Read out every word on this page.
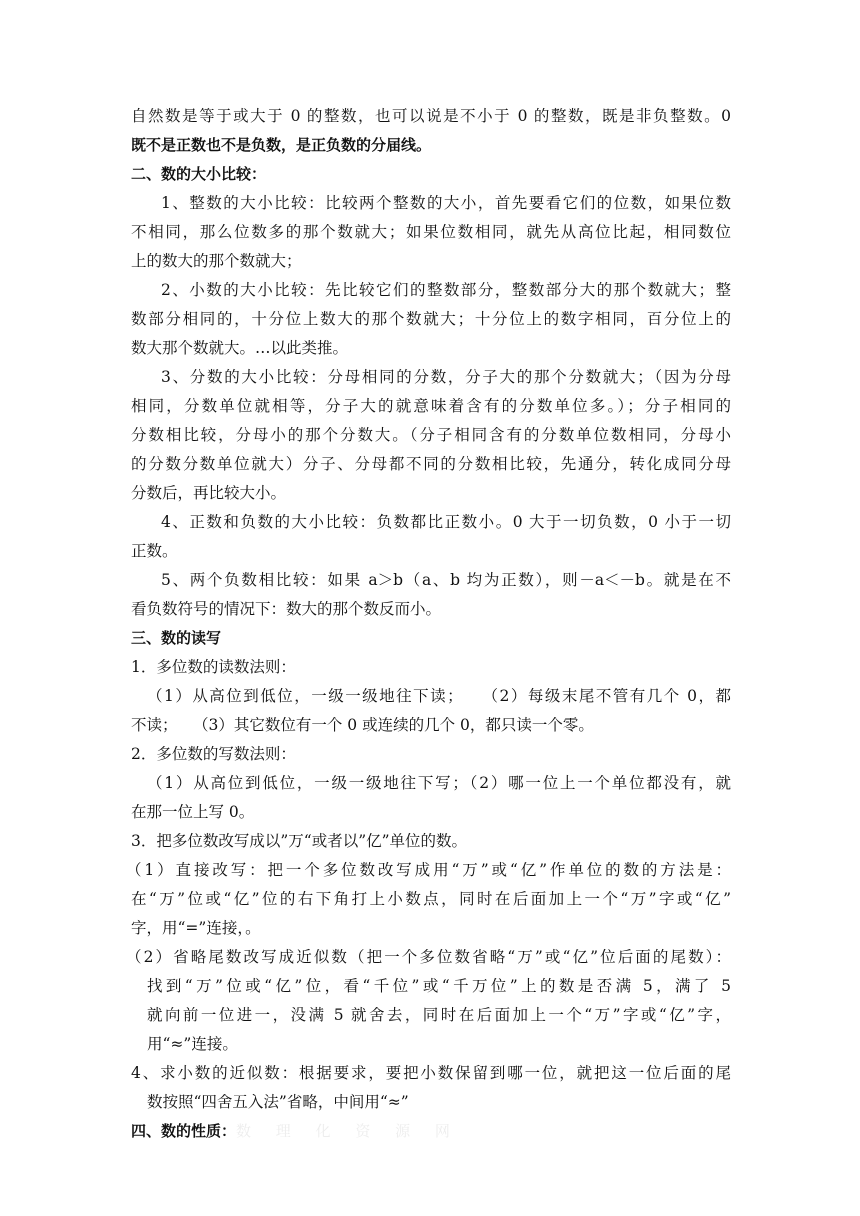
自然数是等于或大于 0 的整数，也可以说是不小于 0 的整数，既是非负整数。0
既不是正数也不是负数，是正负数的分届线。
二、数的大小比较：
1、整数的大小比较：比较两个整数的大小，首先要看它们的位数，如果位数
不相同，那么位数多的那个数就大；如果位数相同，就先从高位比起，相同数位
上的数大的那个数就大；
2、小数的大小比较：先比较它们的整数部分，整数部分大的那个数就大；整
数部分相同的，十分位上数大的那个数就大；十分位上的数字相同，百分位上的
数大那个数就大。…以此类推。
3、分数的大小比较：分母相同的分数，分子大的那个分数就大；（因为分母
相同，分数单位就相等，分子大的就意味着含有的分数单位多。）；分子相同的
分数相比较，分母小的那个分数大。（分子相同含有的分数单位数相同，分母小
的分数分数单位就大）分子、分母都不同的分数相比较，先通分，转化成同分母
分数后，再比较大小。
4、正数和负数的大小比较：负数都比正数小。0 大于一切负数，0 小于一切
正数。
5、两个负数相比较：如果 a＞b（a、b 均为正数），则－a＜－b。就是在不
看负数符号的情况下：数大的那个数反而小。
三、数的读写
1．多位数的读数法则：
（1）从高位到低位，一级一级地往下读；　　（2）每级末尾不管有几个 0，都
不读；　　（3）其它数位有一个 0 或连续的几个 0，都只读一个零。
2．多位数的写数法则：
（1）从高位到低位，一级一级地往下写；（2）哪一位上一个单位都没有，就
在那一位上写 0。
3．把多位数改写成以”万“或者以”亿”单位的数。
（1）直接改写：把一个多位数改写成用“万”或“亿”作单位的数的方法是：
在“万”位或“亿”位的右下角打上小数点，同时在后面加上一个“万”字或“亿”
字，用“=”连接，。
（2）省略尾数改写成近似数（把一个多位数省略“万”或“亿”位后面的尾数）：
找到“万”位或“亿”位，看“千位”或“千万位”上的数是否满 5，满了 5
就向前一位进一，没满 5 就舍去，同时在后面加上一个“万”字或“亿”字，
用“≈”连接。
4、求小数的近似数：根据要求，要把小数保留到哪一位，就把这一位后面的尾
数按照“四舍五入法”省略，中间用“≈”
四、数的性质：数 理 化 资 源 网
